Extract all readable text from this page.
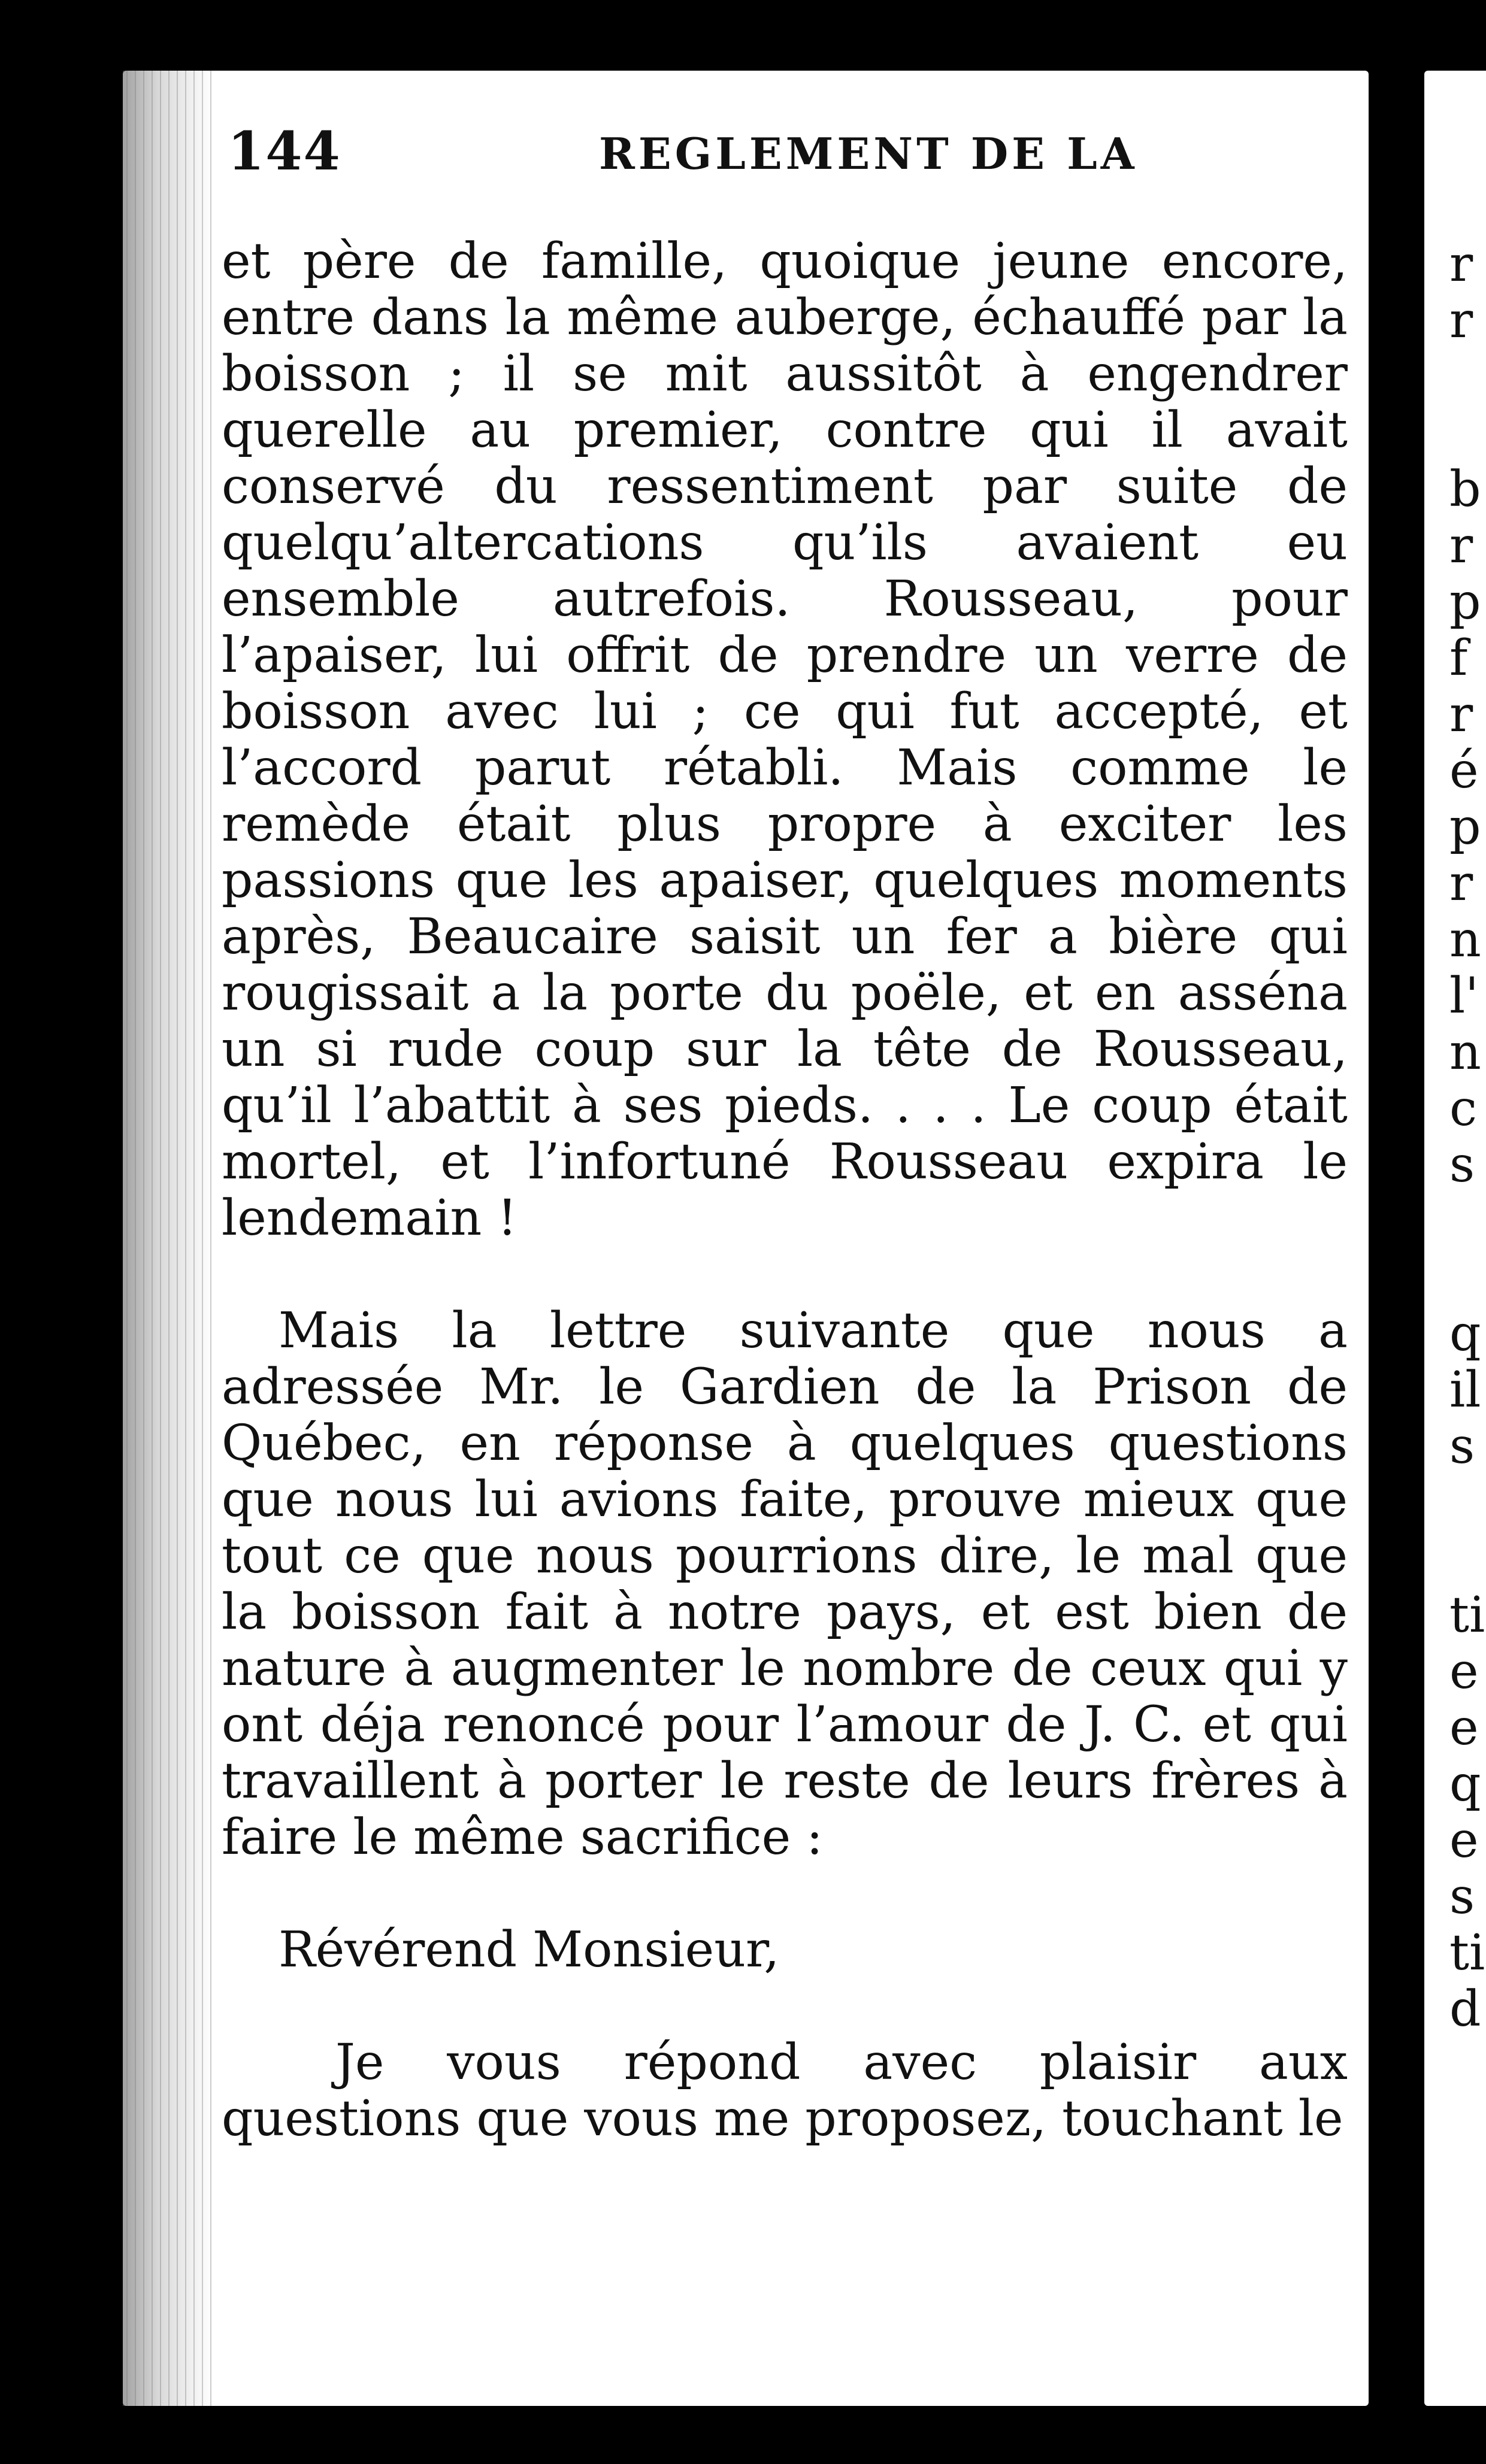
r
r
b
r
p
f
r
é
p
r
n
l'
n
c
s
q
il
s
ti
e
e
q
e
s
ti
d
144	REGLEMENT DE LA

et père de famille, quoique jeune encore, entre dans la même auberge, échauffé par la boisson ; il se mit aussitôt à engendrer querelle au premier, contre qui il avait conservé du ressentiment par suite de quelqu’altercations qu’ils avaient eu ensemble autrefois. Rousseau, pour l’apaiser, lui offrit de prendre un verre de boisson avec lui ; ce qui fut accepté, et l’accord parut rétabli. Mais comme le remède était plus propre à exciter les passions que les apaiser, quelques moments après, Beaucaire saisit un fer a bière qui rougissait a la porte du poële, et en asséna un si rude coup sur la tête de Rousseau, qu’il l’abattit à ses pieds. . . . Le coup était mortel, et l’infortuné Rousseau expira le lendemain !

Mais la lettre suivante que nous a adressée Mr. le Gardien de la Prison de Québec, en réponse à quelques questions que nous lui avions faite, prouve mieux que tout ce que nous pourrions dire, le mal que la boisson fait à notre pays, et est bien de nature à augmenter le nombre de ceux qui y ont déja renoncé pour l’amour de J. C. et qui travaillent à porter le reste de leurs frères à faire le même sacrifice :

Révérend Monsieur,

Je vous répond avec plaisir aux questions que vous me proposez, touchant le
